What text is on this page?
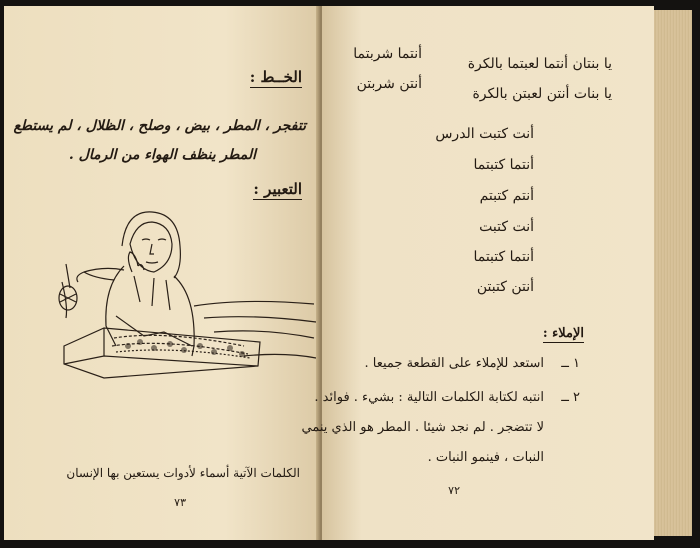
الخــط :
تتفجر ، المطر ، بيض ، وصلح ، الظلال ، لم يستطع
المطر ينظف الهواء من الرمال .
التعبير :
الكلمات الآتية أسماء لأدوات يستعين بها الإنسان
٧٣
يا بنتان أنتما لعبتما بالكرة
أنتما شربتما
يا بنات أنتن لعبتن بالكرة
أنتن شربتن
أنت كتبت الدرس
أنتما كتبتما
أنتم كتبتم
أنت كتبت
أنتما كتبتما
أنتن كتبتن
الإملاء :
١ ــ
استعد للإملاء على القطعة جميعا .
٢ ــ
انتبه لكتابة الكلمات التالية : بشيء . فوائد .
لا تتضجر . لم نجد شيئا . المطر هو الذي ينمي
النبات ، فينمو النبات .
٧٢
